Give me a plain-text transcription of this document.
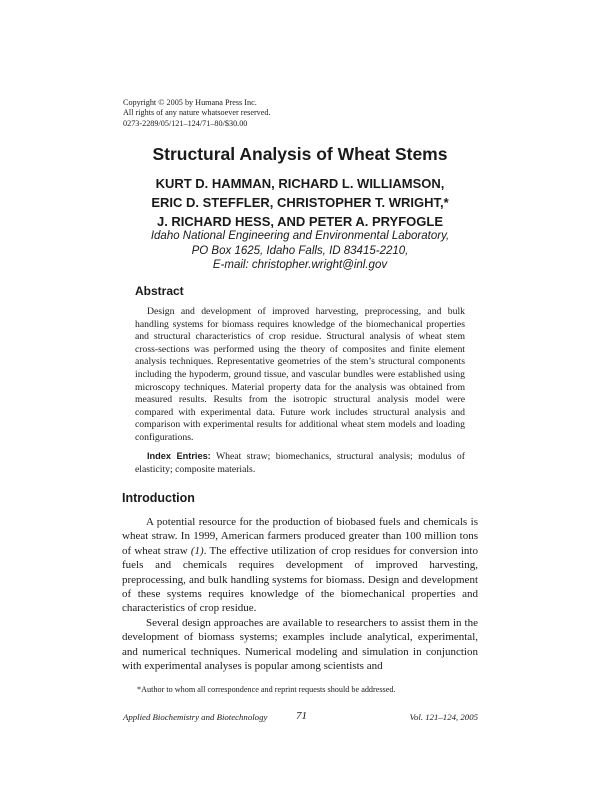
Copyright © 2005 by Humana Press Inc.
All rights of any nature whatsoever reserved.
0273-2289/05/121–124/71–80/$30.00
Structural Analysis of Wheat Stems
KURT D. HAMMAN, RICHARD L. WILLIAMSON,
ERIC D. STEFFLER, CHRISTOPHER T. WRIGHT,*
J. RICHARD HESS, AND PETER A. PRYFOGLE
Idaho National Engineering and Environmental Laboratory,
PO Box 1625, Idaho Falls, ID 83415-2210,
E-mail: christopher.wright@inl.gov
Abstract

Design and development of improved harvesting, preprocessing, and bulk handling systems for biomass requires knowledge of the biomechanical properties and structural characteristics of crop residue. Structural analysis of wheat stem cross-sections was performed using the theory of composites and finite element analysis techniques. Representative geometries of the stem’s structural components including the hypoderm, ground tissue, and vascular bundles were established using microscopy techniques. Material property data for the analysis was obtained from measured results. Results from the isotropic structural analysis model were compared with experimental data. Future work includes structural analysis and comparison with experimental results for additional wheat stem models and loading configurations.

Index Entries: Wheat straw; biomechanics, structural analysis; modulus of elasticity; composite materials.

Introduction

A potential resource for the production of biobased fuels and chemicals is wheat straw. In 1999, American farmers produced greater than 100 million tons of wheat straw (1). The effective utilization of crop residues for conversion into fuels and chemicals requires development of improved harvesting, preprocessing, and bulk handling systems for biomass. Design and development of these systems requires knowledge of the biomechanical properties and characteristics of crop residue.

Several design approaches are available to researchers to assist them in the development of biomass systems; examples include analytical, experimental, and numerical techniques. Numerical modeling and simulation in conjunction with experimental analyses is popular among scientists and

*Author to whom all correspondence and reprint requests should be addressed.
Applied Biochemistry and Biotechnology	71	Vol. 121–124, 2005
